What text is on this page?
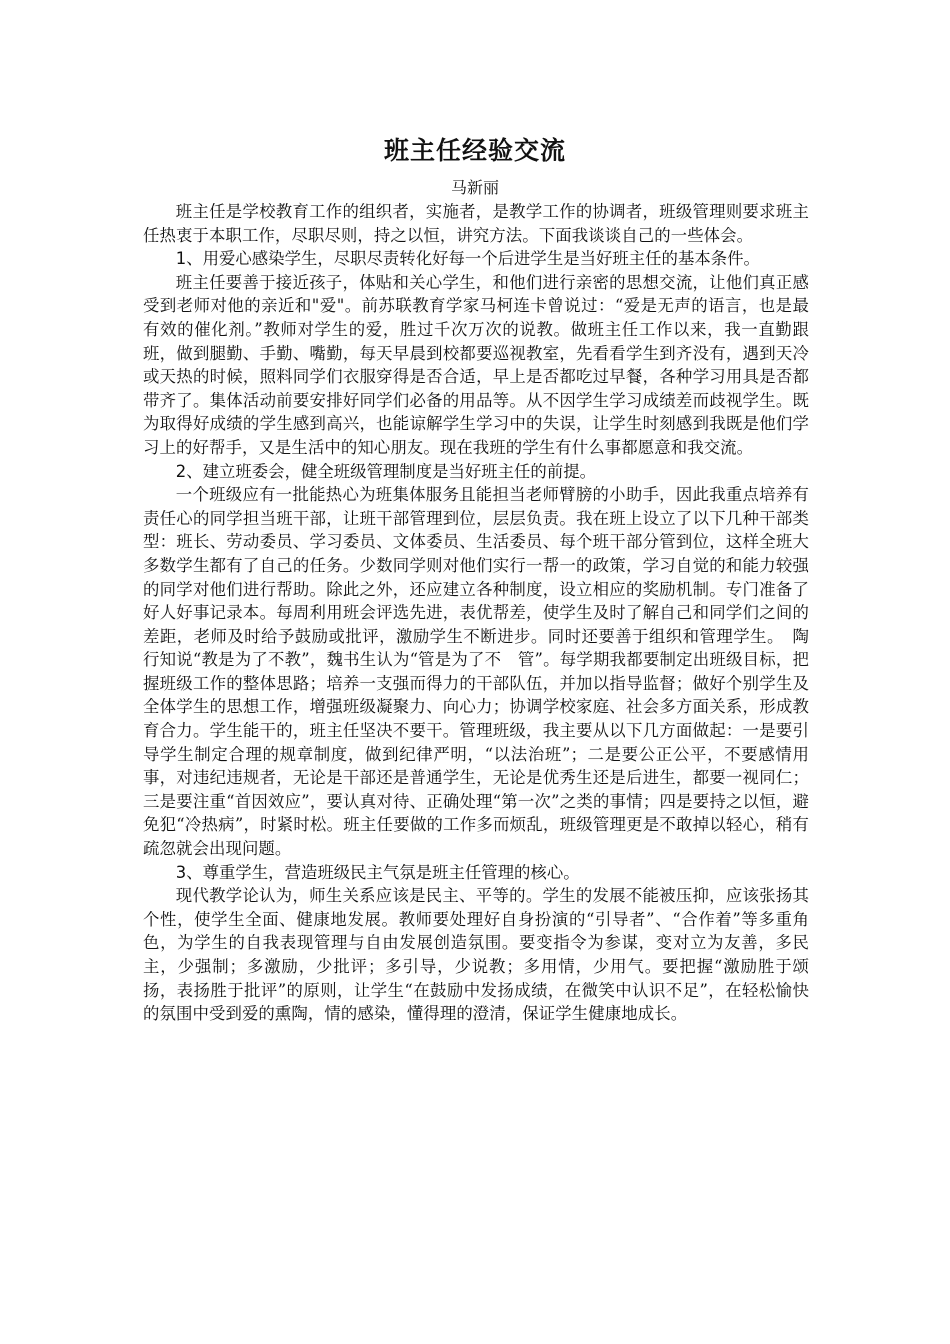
班主任经验交流
马新丽

班主任是学校教育工作的组织者，实施者，是教学工作的协调者，班级管理则要求班主任热衷于本职工作，尽职尽则，持之以恒，讲究方法。下面我谈谈自己的一些体会。

1、用爱心感染学生，尽职尽责转化好每一个后进学生是当好班主任的基本条件。

班主任要善于接近孩子，体贴和关心学生，和他们进行亲密的思想交流，让他们真正感受到老师对他的亲近和"爱"。前苏联教育学家马柯连卡曾说过：“爱是无声的语言，也是最有效的催化剂。”教师对学生的爱，胜过千次万次的说教。做班主任工作以来，我一直勤跟班，做到腿勤、手勤、嘴勤，每天早晨到校都要巡视教室，先看看学生到齐没有，遇到天冷或天热的时候，照料同学们衣服穿得是否合适，早上是否都吃过早餐，各种学习用具是否都带齐了。集体活动前要安排好同学们必备的用品等。从不因学生学习成绩差而歧视学生。既为取得好成绩的学生感到高兴，也能谅解学生学习中的失误，让学生时刻感到我既是他们学习上的好帮手，又是生活中的知心朋友。现在我班的学生有什么事都愿意和我交流。

2、建立班委会，健全班级管理制度是当好班主任的前提。

一个班级应有一批能热心为班集体服务且能担当老师臂膀的小助手，因此我重点培养有责任心的同学担当班干部，让班干部管理到位，层层负责。我在班上设立了以下几种干部类型：班长、劳动委员、学习委员、文体委员、生活委员、每个班干部分管到位，这样全班大多数学生都有了自己的任务。少数同学则对他们实行一帮一的政策，学习自觉的和能力较强的同学对他们进行帮助。除此之外，还应建立各种制度，设立相应的奖励机制。专门准备了好人好事记录本。每周利用班会评选先进，表优帮差，使学生及时了解自己和同学们之间的差距，老师及时给予鼓励或批评，激励学生不断进步。同时还要善于组织和管理学生。　陶行知说“教是为了不教”，魏书生认为“管是为了不　管”。每学期我都要制定出班级目标，把握班级工作的整体思路；培养一支强而得力的干部队伍，并加以指导监督；做好个别学生及全体学生的思想工作，增强班级凝聚力、向心力；协调学校家庭、社会多方面关系，形成教育合力。学生能干的，班主任坚决不要干。管理班级，我主要从以下几方面做起：一是要引导学生制定合理的规章制度，做到纪律严明，“以法治班”；二是要公正公平，不要感情用事，对违纪违规者，无论是干部还是普通学生，无论是优秀生还是后进生，都要一视同仁；三是要注重“首因效应”，要认真对待、正确处理“第一次”之类的事情；四是要持之以恒，避免犯“冷热病”，时紧时松。班主任要做的工作多而烦乱，班级管理更是不敢掉以轻心，稍有疏忽就会出现问题。

3、尊重学生，营造班级民主气氛是班主任管理的核心。

现代教学论认为，师生关系应该是民主、平等的。学生的发展不能被压抑，应该张扬其个性，使学生全面、健康地发展。教师要处理好自身扮演的“引导者”、“合作着”等多重角色，为学生的自我表现管理与自由发展创造氛围。要变指令为参谋，变对立为友善，多民主，少强制；多激励，少批评；多引导，少说教；多用情，少用气。要把握“激励胜于颂扬，表扬胜于批评”的原则，让学生“在鼓励中发扬成绩，在微笑中认识不足”，在轻松愉快的氛围中受到爱的熏陶，情的感染，懂得理的澄清，保证学生健康地成长。
